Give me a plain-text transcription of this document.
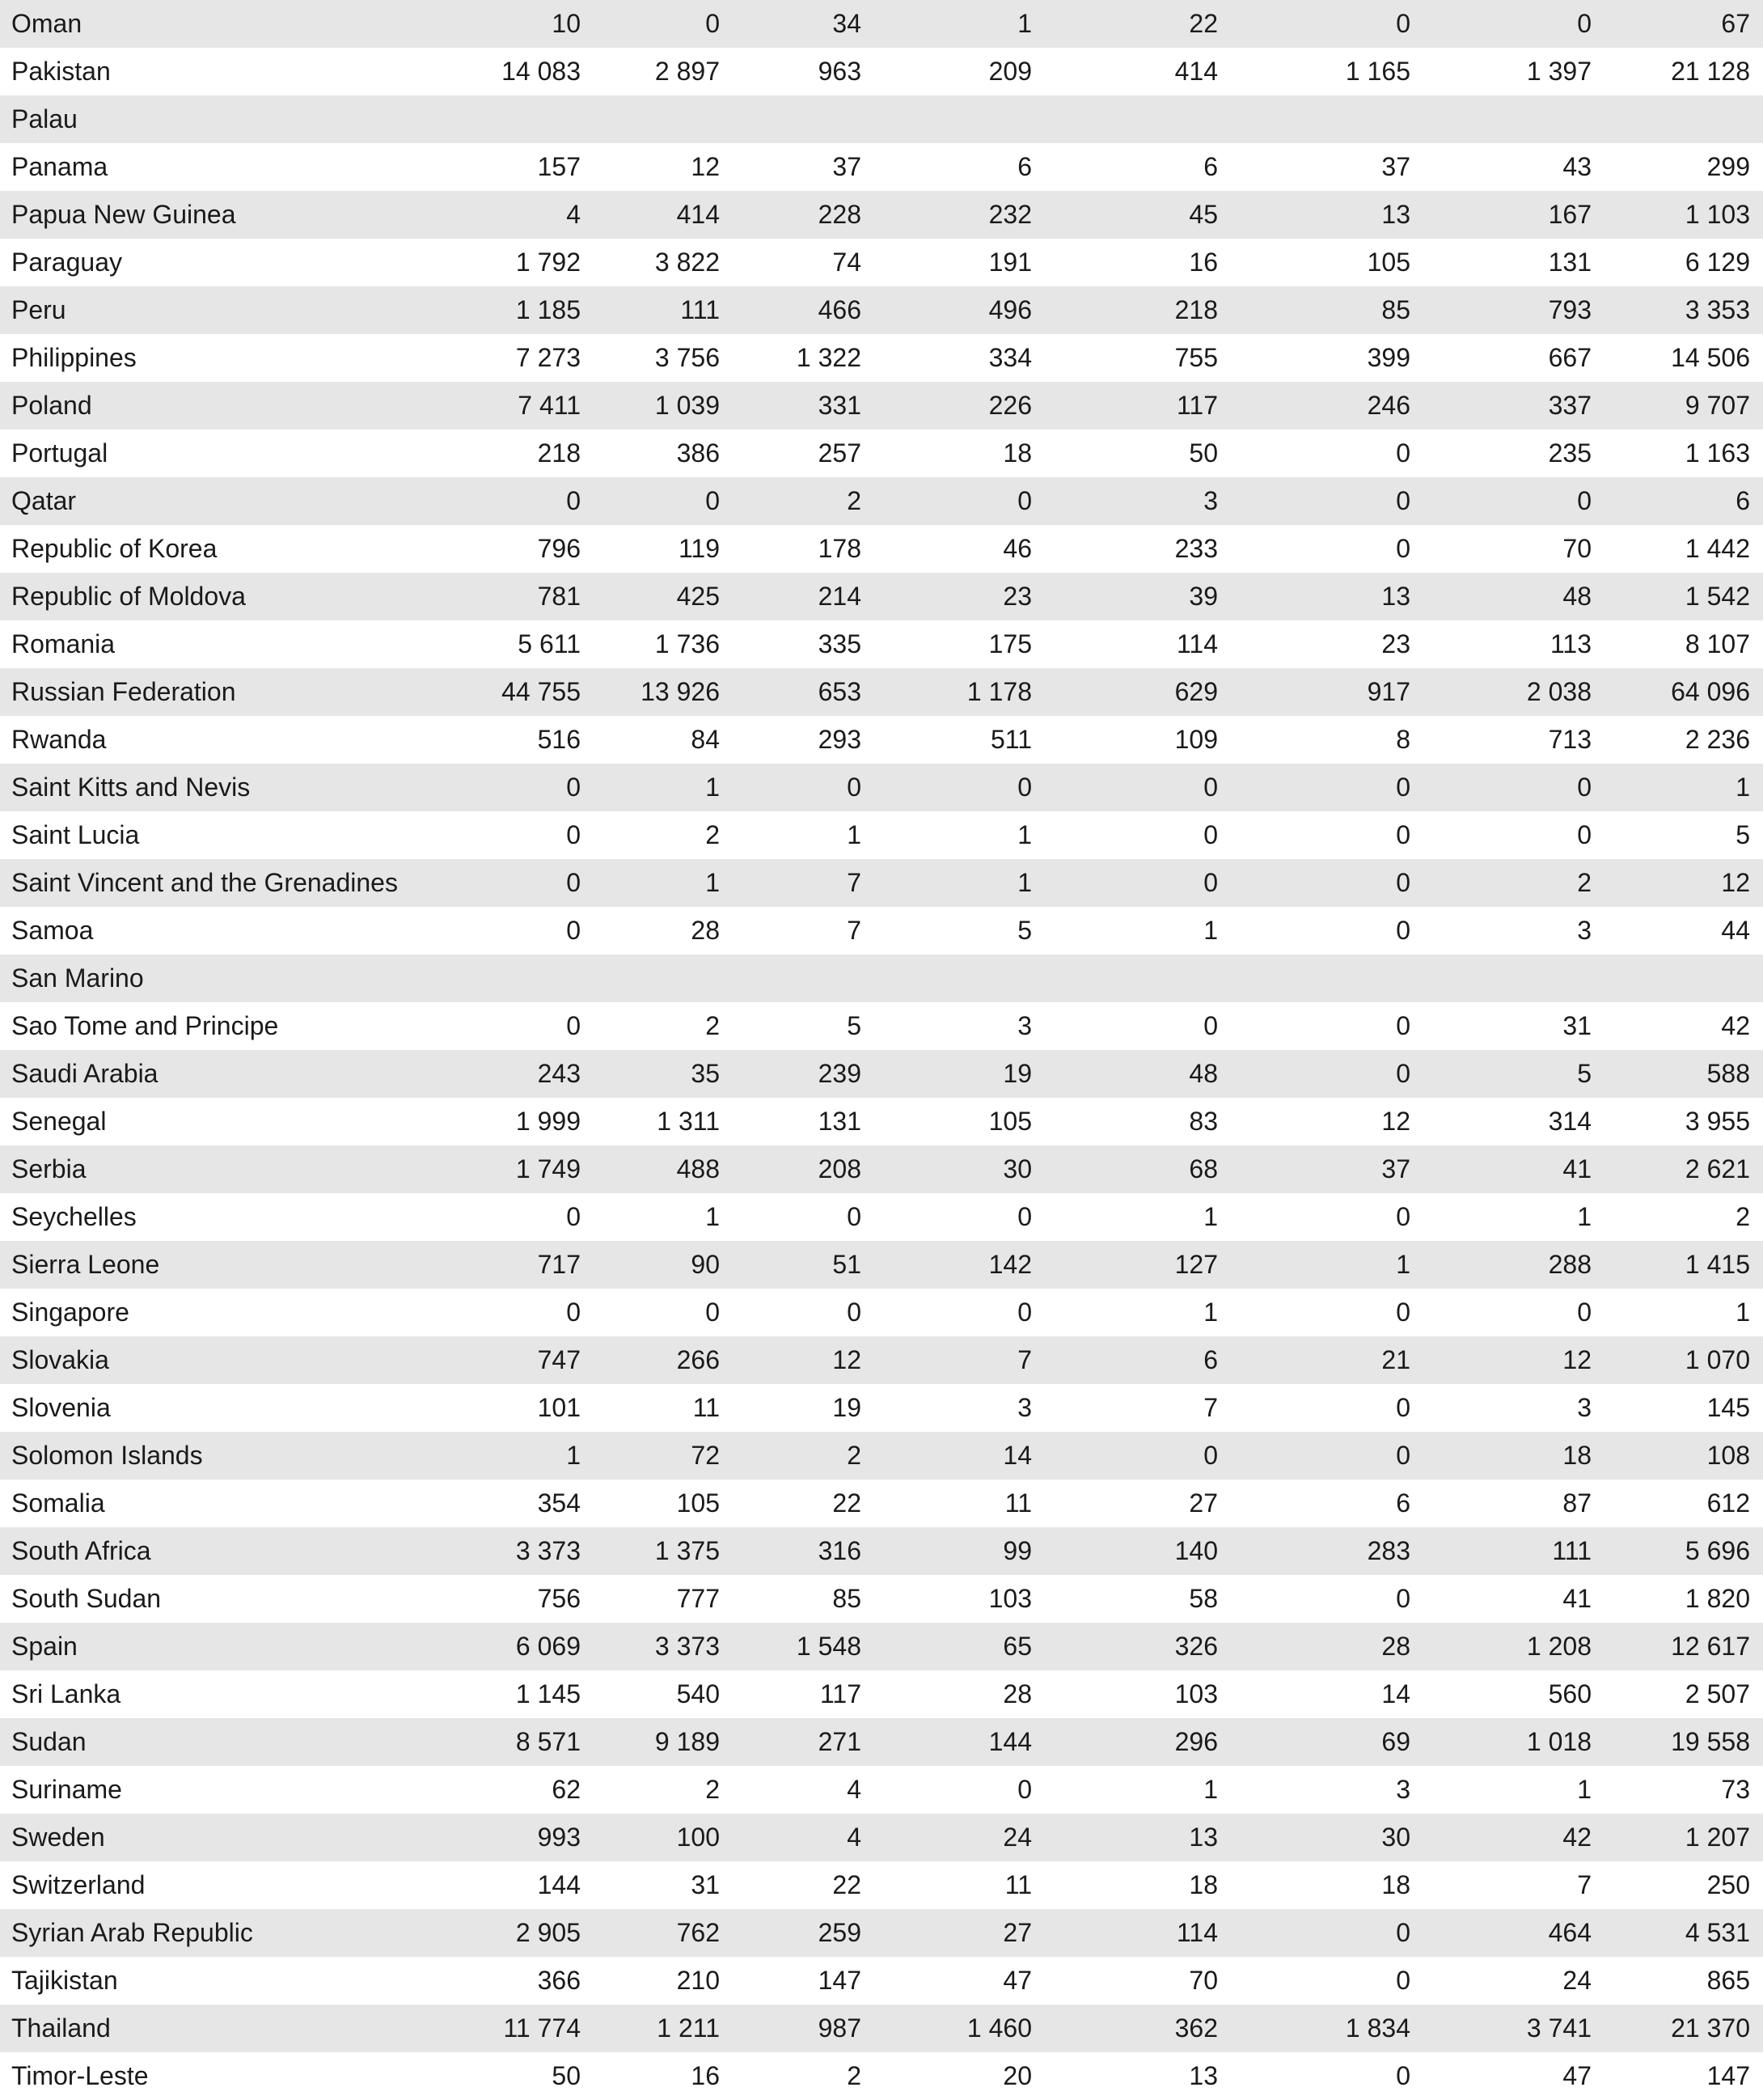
Oman	10	0	34	1	22	0	0	67
Pakistan	14 083	2 897	963	209	414	1 165	1 397	21 128
Palau
Panama	157	12	37	6	6	37	43	299
Papua New Guinea	4	414	228	232	45	13	167	1 103
Paraguay	1 792	3 822	74	191	16	105	131	6 129
Peru	1 185	111	466	496	218	85	793	3 353
Philippines	7 273	3 756	1 322	334	755	399	667	14 506
Poland	7 411	1 039	331	226	117	246	337	9 707
Portugal	218	386	257	18	50	0	235	1 163
Qatar	0	0	2	0	3	0	0	6
Republic of Korea	796	119	178	46	233	0	70	1 442
Republic of Moldova	781	425	214	23	39	13	48	1 542
Romania	5 611	1 736	335	175	114	23	113	8 107
Russian Federation	44 755	13 926	653	1 178	629	917	2 038	64 096
Rwanda	516	84	293	511	109	8	713	2 236
Saint Kitts and Nevis	0	1	0	0	0	0	0	1
Saint Lucia	0	2	1	1	0	0	0	5
Saint Vincent and the Grenadines	0	1	7	1	0	0	2	12
Samoa	0	28	7	5	1	0	3	44
San Marino
Sao Tome and Principe	0	2	5	3	0	0	31	42
Saudi Arabia	243	35	239	19	48	0	5	588
Senegal	1 999	1 311	131	105	83	12	314	3 955
Serbia	1 749	488	208	30	68	37	41	2 621
Seychelles	0	1	0	0	1	0	1	2
Sierra Leone	717	90	51	142	127	1	288	1 415
Singapore	0	0	0	0	1	0	0	1
Slovakia	747	266	12	7	6	21	12	1 070
Slovenia	101	11	19	3	7	0	3	145
Solomon Islands	1	72	2	14	0	0	18	108
Somalia	354	105	22	11	27	6	87	612
South Africa	3 373	1 375	316	99	140	283	111	5 696
South Sudan	756	777	85	103	58	0	41	1 820
Spain	6 069	3 373	1 548	65	326	28	1 208	12 617
Sri Lanka	1 145	540	117	28	103	14	560	2 507
Sudan	8 571	9 189	271	144	296	69	1 018	19 558
Suriname	62	2	4	0	1	3	1	73
Sweden	993	100	4	24	13	30	42	1 207
Switzerland	144	31	22	11	18	18	7	250
Syrian Arab Republic	2 905	762	259	27	114	0	464	4 531
Tajikistan	366	210	147	47	70	0	24	865
Thailand	11 774	1 211	987	1 460	362	1 834	3 741	21 370
Timor-Leste	50	16	2	20	13	0	47	147
